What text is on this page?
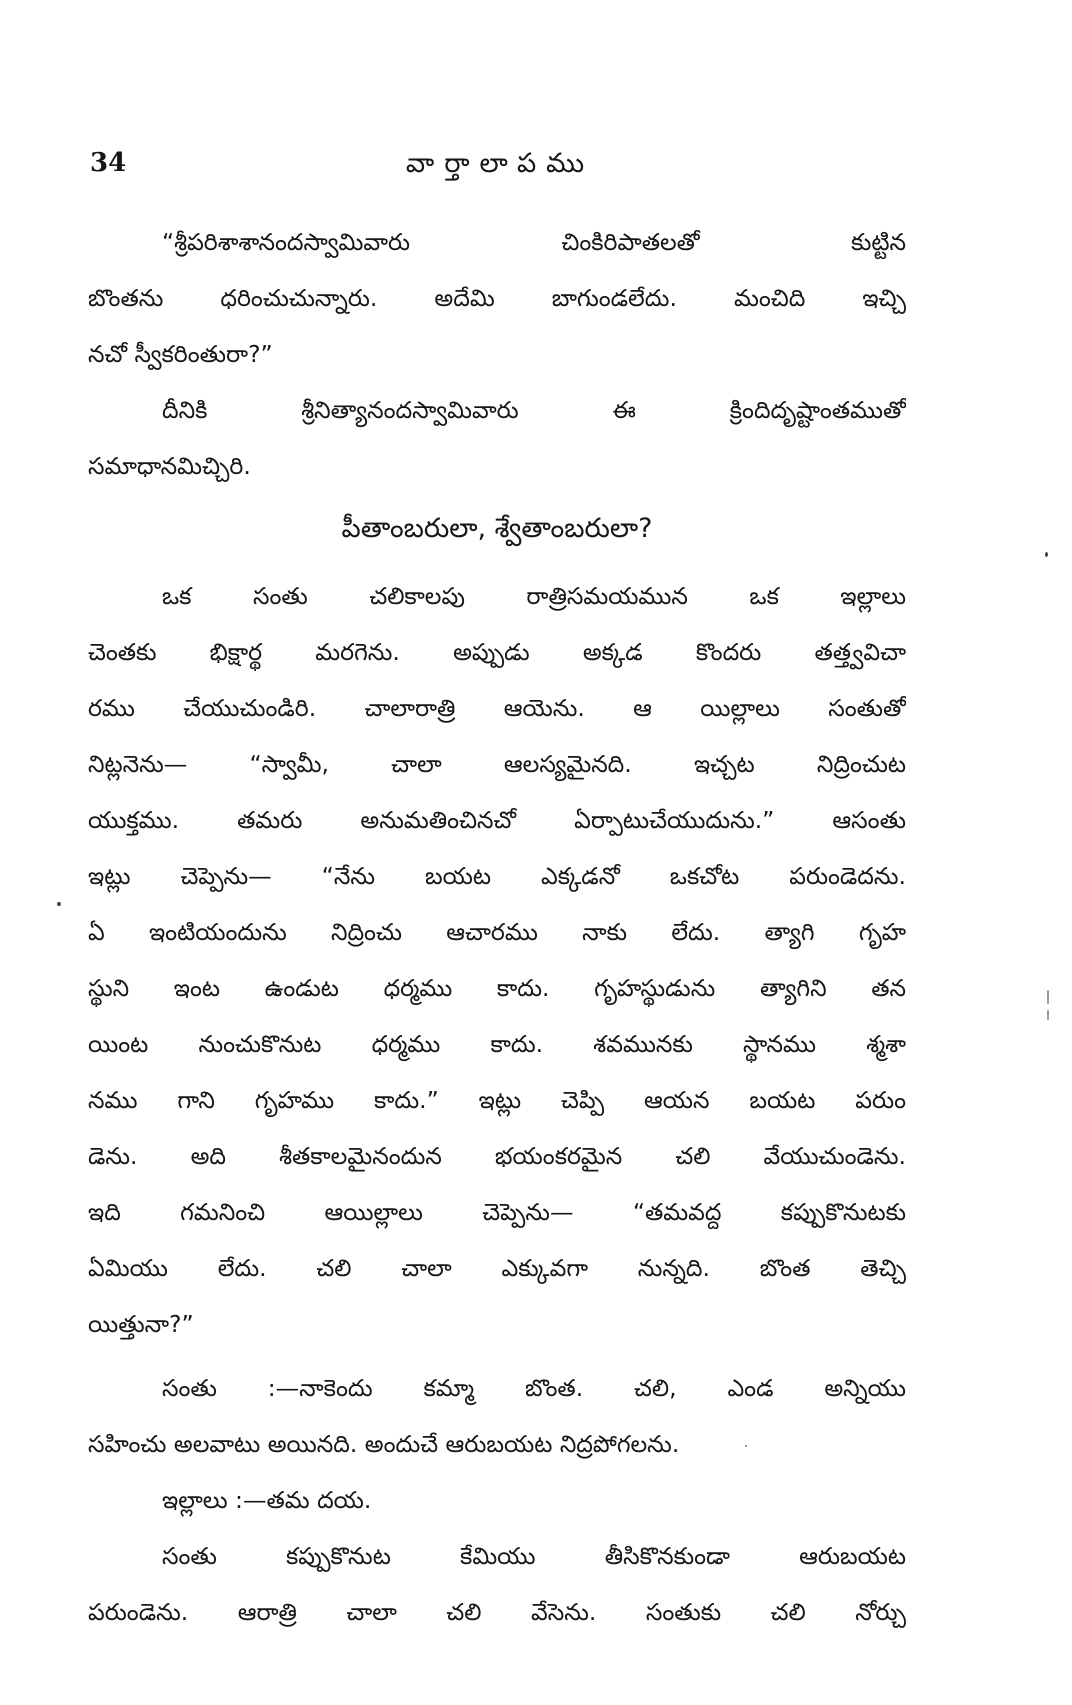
34	వార్తాలాపము
“శ్రీపరిశాశానందస్వామివారు చింకిరిపాతలతో కుట్టిన
బొంతను ధరించుచున్నారు. అదేమి బాగుండలేదు. మంచిది ఇచ్చి
నచో స్వీకరింతురా?”
దీనికి శ్రీనిత్యానందస్వామివారు ఈ క్రిందిదృష్టాంతముతో
సమాధానమిచ్చిరి.
పీతాంబరులా, శ్వేతాంబరులా?
ఒక సంతు చలికాలపు రాత్రిసమయమున ఒక ఇల్లాలు
చెంతకు భిక్షార్థ మరగెను. అప్పుడు అక్కడ కొందరు తత్త్వవిచా
రము చేయుచుండిరి. చాలారాత్రి ఆయెను. ఆ యిల్లాలు సంతుతో
నిట్లనెను— “స్వామీ, చాలా ఆలస్యమైనది. ఇచ్చట నిద్రించుట
యుక్తము. తమరు అనుమతించినచో ఏర్పాటుచేయుదును.” ఆసంతు
ఇట్లు చెప్పెను— “నేను బయట ఎక్కడనో ఒకచోట పరుండెదను.
ఏ ఇంటియందును నిద్రించు ఆచారము నాకు లేదు. త్యాగి గృహ
స్థుని ఇంట ఉండుట ధర్మము కాదు. గృహస్థుడును త్యాగిని తన
యింట నుంచుకొనుట ధర్మము కాదు. శవమునకు స్థానము శ్మశా
నము గాని గృహము కాదు.” ఇట్లు చెప్పి ఆయన బయట పరుం
డెను. అది శీతకాలమైనందున భయంకరమైన చలి వేయుచుండెను.
ఇది గమనించి ఆయిల్లాలు చెప్పెను— “తమవద్ద కప్పుకొనుటకు
ఏమియు లేదు. చలి చాలా ఎక్కువగా నున్నది. బొంత తెచ్చి
యిత్తునా?”
సంతు :—నాకెందు కమ్మా బొంత. చలి, ఎండ అన్నియు
సహించు అలవాటు అయినది. అందుచే ఆరుబయట నిద్రపోగలను.
ఇల్లాలు :—తమ దయ.
సంతు కప్పుకొనుట కేమియు తీసికొనకుండా ఆరుబయట
పరుండెను. ఆరాత్రి చాలా చలి వేసెను. సంతుకు చలి నోర్చు
